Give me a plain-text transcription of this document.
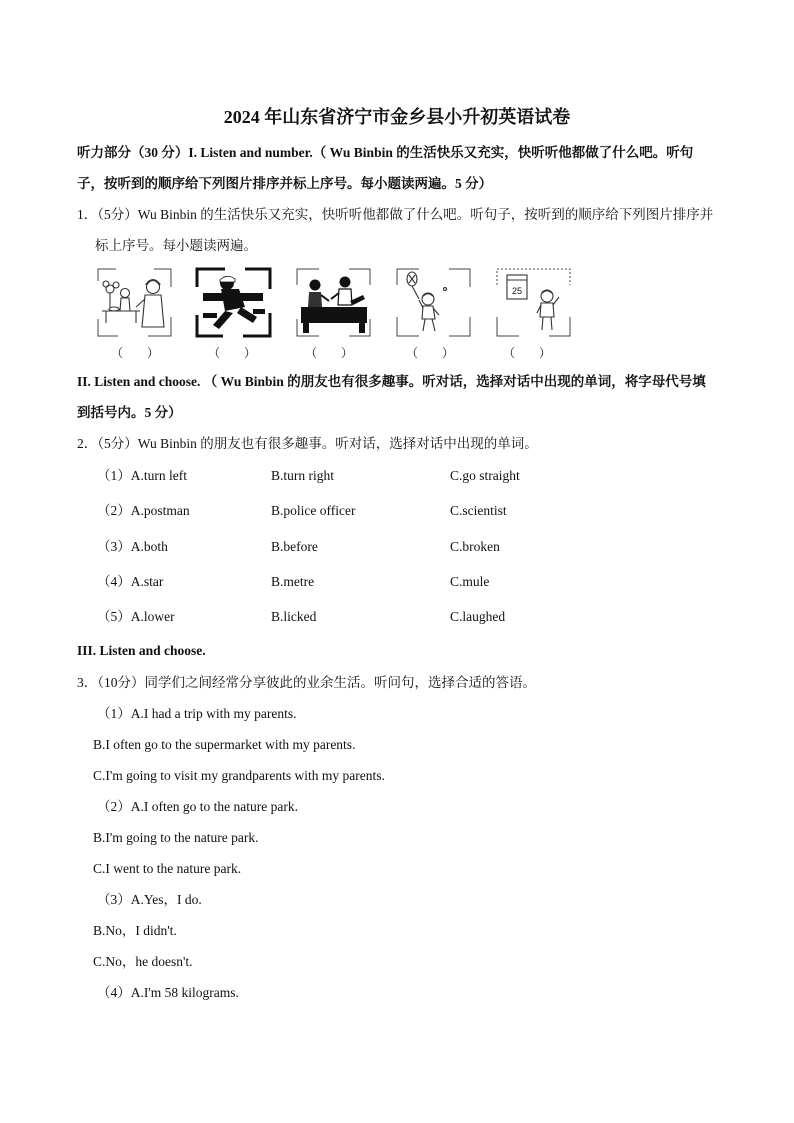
2024 年山东省济宁市金乡县小升初英语试卷
听力部分（30 分）I. Listen and number.（ Wu Binbin 的生活快乐又充实，快听听他都做了什么吧。听句子，按听到的顺序给下列图片排序并标上序号。每小题读两遍。5 分）
1．（5分）Wu Binbin 的生活快乐又充实，快听听他都做了什么吧。听句子，按听到的顺序给下列图片排序并标上序号。每小题读两遍。
25
（　　）	（　　）	（　　）	（　　）	（　　）
II. Listen and choose. （ Wu Binbin 的朋友也有很多趣事。听对话，选择对话中出现的单词，将字母代号填到括号内。5 分）
2．（5分）Wu Binbin 的朋友也有很多趣事。听对话，选择对话中出现的单词。
（1）A.turn left	B.turn right	C.go straight
（2）A.postman	B.police officer	C.scientist
（3）A.both	B.before	C.broken
（4）A.star	B.metre	C.mule
（5）A.lower	B.licked	C.laughed
III. Listen and choose.
3．（10分）同学们之间经常分享彼此的业余生活。听问句，选择合适的答语。
（1）A.I had a trip with my parents.
B.I often go to the supermarket with my parents.
C.I'm going to visit my grandparents with my parents.
（2）A.I often go to the nature park.
B.I'm going to the nature park.
C.I went to the nature park.
（3）A.Yes，I do.
B.No，I didn't.
C.No，he doesn't.
（4）A.I'm 58 kilograms.
